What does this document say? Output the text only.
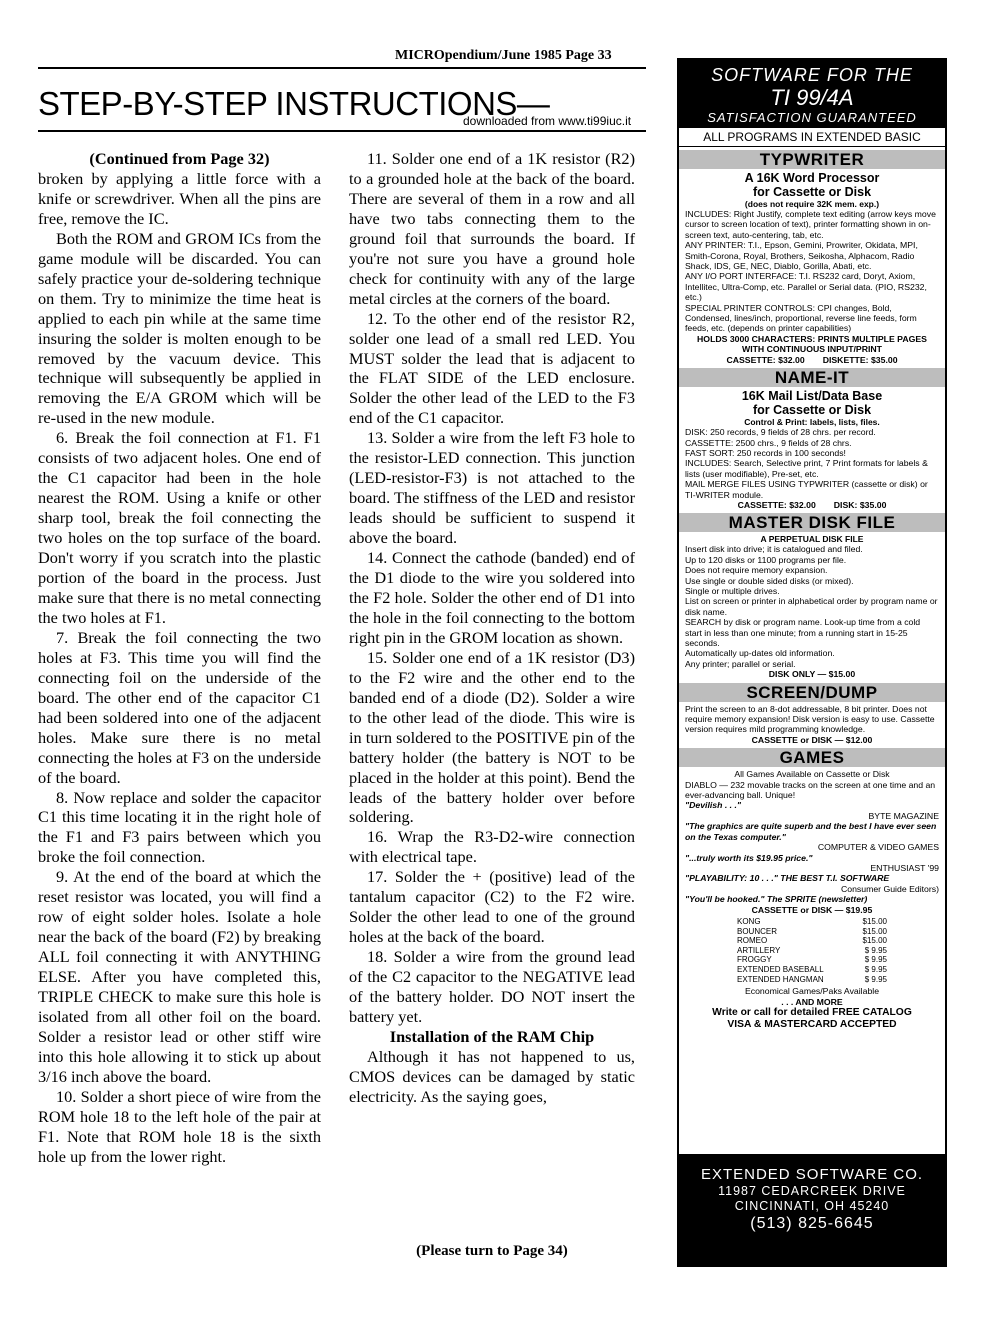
MICROpendium/June 1985 Page 33
STEP-BY-STEP INSTRUCTIONS—
downloaded from www.ti99iuc.it

(Continued from Page 32)

broken by applying a little force with a knife or screwdriver. When all the pins are free, remove the IC.

Both the ROM and GROM ICs from the game module will be discarded. You can safely practice your de-soldering technique on them. Try to minimize the time heat is applied to each pin while at the same time insuring the solder is molten enough to be removed by the vacuum device. This technique will subsequently be applied in removing the E/A GROM which will be re-used in the new module.

6. Break the foil connection at F1. F1 consists of two adjacent holes. One end of the C1 capacitor had been in the hole nearest the ROM. Using a knife or other sharp tool, break the foil connecting the two holes on the top surface of the board. Don't worry if you scratch into the plastic portion of the board in the process. Just make sure that there is no metal connecting the two holes at F1.

7. Break the foil connecting the two holes at F3. This time you will find the connecting foil on the underside of the board. The other end of the capacitor C1 had been soldered into one of the adjacent holes. Make sure there is no metal connecting the holes at F3 on the underside of the board.

8. Now replace and solder the capacitor C1 this time locating it in the right hole of the F1 and F3 pairs between which you broke the foil connection.

9. At the end of the board at which the reset resistor was located, you will find a row of eight solder holes. Isolate a hole near the back of the board (F2) by breaking ALL foil connecting it with ANYTHING ELSE. After you have completed this, TRIPLE CHECK to make sure this hole is isolated from all other foil on the board. Solder a resistor lead or other stiff wire into this hole allowing it to stick up about 3/16 inch above the board.

10. Solder a short piece of wire from the ROM hole 18 to the left hole of the pair at F1. Note that ROM hole 18 is the sixth hole up from the lower right.

11. Solder one end of a 1K resistor (R2) to a grounded hole at the back of the board. There are several of them in a row and all have two tabs connecting them to the ground foil that surrounds the board. If you're not sure you have a ground hole check for continuity with any of the large metal circles at the corners of the board.

12. To the other end of the resistor R2, solder one lead of a small red LED. You MUST solder the lead that is adjacent to the FLAT SIDE of the LED enclosure. Solder the other lead of the LED to the F3 end of the C1 capacitor.

13. Solder a wire from the left F3 hole to the resistor-LED connection. This junction (LED-resistor-F3) is not attached to the board. The stiffness of the LED and resistor leads should be sufficient to suspend it above the board.

14. Connect the cathode (banded) end of the D1 diode to the wire you soldered into the F2 hole. Solder the other end of D1 into the hole in the foil connecting to the bottom right pin in the GROM location as shown.

15. Solder one end of a 1K resistor (D3) to the F2 wire and the other end to the banded end of a diode (D2). Solder a wire to the other lead of the diode. This wire is in turn soldered to the POSITIVE pin of the battery holder (the battery is NOT to be placed in the holder at this point). Bend the leads of the battery holder over before soldering.

16. Wrap the R3-D2-wire connection with electrical tape.

17. Solder the + (positive) lead of the tantalum capacitor (C2) to the F2 wire. Solder the other lead to one of the ground holes at the back of the board.

18. Solder a wire from the ground lead of the C2 capacitor to the NEGATIVE lead of the battery holder. DO NOT insert the battery yet.

Installation of the RAM Chip

Although it has not happened to us, CMOS devices can be damaged by static electricity. As the saying goes,

(Please turn to Page 34)
SOFTWARE FOR THE
TI 99/4A
SATISFACTION GUARANTEED
ALL PROGRAMS IN EXTENDED BASIC
TYPWRITER
A 16K Word Processor
for Cassette or Disk
(does not require 32K mem. exp.)

INCLUDES: Right Justify, complete text editing (arrow keys move cursor to screen location of text), printer formatting shown in on-screen text, auto-centering, tab, etc.

ANY PRINTER: T.I., Epson, Gemini, Prowriter, Okidata, MPI, Smith-Corona, Royal, Brothers, Seikosha, Alphacom, Radio Shack, IDS, GE, NEC, Diablo, Gorilla, Abati, etc.

ANY I/O PORT INTERFACE: T.I. RS232 card, Doryt, Axiom, Intellitec, Ultra-Comp, etc. Parallel or Serial data. (PIO, RS232, etc.)

SPECIAL PRINTER CONTROLS: CPI changes, Bold, Condensed, lines/inch, proportional, reverse line feeds, form feeds, etc. (depends on printer capabilities)

HOLDS 3000 CHARACTERS: PRINTS MULTIPLE PAGES WITH CONTINUOUS INPUT/PRINT

CASSETTE: $32.00 DISKETTE: $35.00
NAME-IT
16K Mail List/Data Base
for Cassette or Disk
Control & Print: labels, lists, files.

DISK: 250 records, 9 fields of 28 chrs. per record.

CASSETTE: 2500 chrs., 9 fields of 28 chrs.

FAST SORT: 250 records in 100 seconds!

INCLUDES: Search, Selective print, 7 Print formats for labels & lists (user modifiable), Pre-set, etc.

MAIL MERGE FILES USING TYPWRITER (cassette or disk) or TI-WRITER module.

CASSETTE: $32.00 DISK: $35.00
MASTER DISK FILE
A PERPETUAL DISK FILE

Insert disk into drive; it is catalogued and filed.

Up to 120 disks or 1100 programs per file.

Does not require memory expansion.

Use single or double sided disks (or mixed).

Single or multiple drives.

List on screen or printer in alphabetical order by program name or disk name.

SEARCH by disk or program name. Look-up time from a cold start in less than one minute; from a running start in 15-25 seconds.

Automatically up-dates old information.

Any printer; parallel or serial.

DISK ONLY — $15.00

SCREEN/DUMP

Print the screen to an 8-dot addressable, 8 bit printer. Does not require memory expansion! Disk version is easy to use. Cassette version requires mild programming knowledge.

CASSETTE or DISK — $12.00

GAMES

All Games Available on Cassette or Disk

DIABLO — 232 movable tracks on the screen at one time and an ever-advancing ball. Unique!

"Devilish . . ."

BYTE MAGAZINE

"The graphics are quite superb and the best I have ever seen on the Texas computer."

COMPUTER & VIDEO GAMES

"...truly worth its $19.95 price."

ENTHUSIAST '99

"PLAYABILITY: 10 . . ." THE BEST T.I. SOFTWARE

Consumer Guide Editors)

"You'll be hooked." The SPRITE (newsletter)

CASSETTE or DISK — $19.95

KONG	$15.00
BOUNCER	$15.00
ROMEO	$15.00
ARTILLERY	$ 9.95
FROGGY	$ 9.95
EXTENDED BASEBALL	$ 9.95
EXTENDED HANGMAN	$ 9.95

Economical Games/Paks Available

. . . AND MORE

Write or call for detailed FREE CATALOG
VISA & MASTERCARD ACCEPTED
EXTENDED SOFTWARE CO.
11987 CEDARCREEK DRIVE
CINCINNATI, OH 45240
(513) 825-6645
